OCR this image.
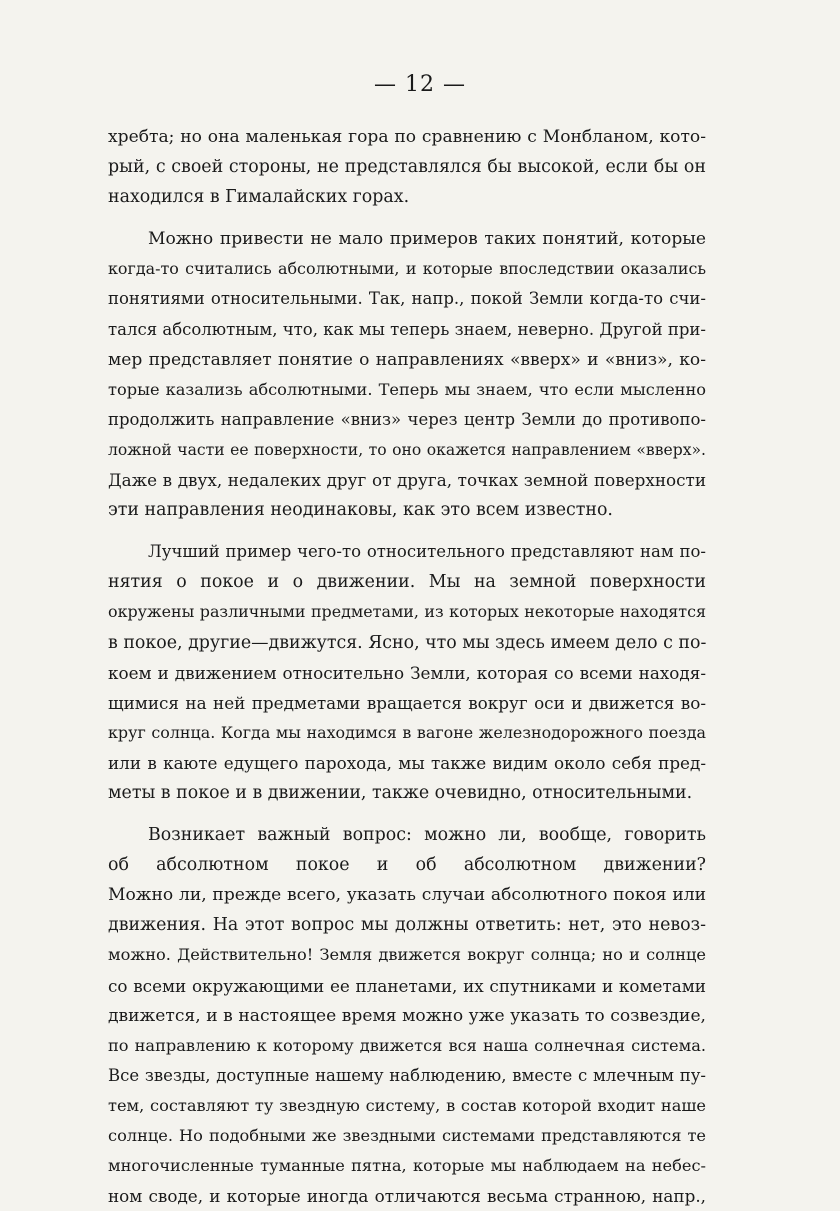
— 12 —
хребта; но она маленькая гора по сравнению с Монбланом, кото-
рый, с своей стороны, не представлялся бы высокой, если бы он
находился в Гималайских горах.
Можно привести не мало примеров таких понятий, которые
когда-то считались абсолютными, и которые впоследствии оказались
понятиями относительными. Так, напр., покой Земли когда-то счи-
тался абсолютным, что, как мы теперь знаем, неверно. Другой при-
мер представляет понятие о направлениях «вверх» и «вниз», ко-
торые казализь абсолютными. Теперь мы знаем, что если мысленно
продолжить направление «вниз» через центр Земли до противопо-
ложной части ее поверхности, то оно окажется направлением «вверх».
Даже в двух, недалеких друг от друга, точках земной поверхности
эти направления неодинаковы, как это всем известно.
Лучший пример чего-то относительного представляют нам по-
нятия о покое и о движении. Мы на земной поверхности
окружены различными предметами, из которых некоторые находятся
в покое, другие—движутся. Ясно, что мы здесь имеем дело с по-
коем и движением относительно Земли, которая со всеми находя-
щимися на ней предметами вращается вокруг оси и движется во-
круг солнца. Когда мы находимся в вагоне железнодорожного поезда
или в каюте едущего парохода, мы также видим около себя пред-
меты в покое и в движении, также очевидно, относительными.
Возникает важный вопрос: можно ли, вообще, говорить
об абсолютном покое и об абсолютном движении?
Можно ли, прежде всего, указать случаи абсолютного покоя или
движения. На этот вопрос мы должны ответить: нет, это невоз-
можно. Действительно! Земля движется вокруг солнца; но и солнце
со всеми окружающими ее планетами, их спутниками и кометами
движется, и в настоящее время можно уже указать то созвездие,
по направлению к которому движется вся наша солнечная система.
Все звезды, доступные нашему наблюдению, вместе с млечным пу-
тем, составляют ту звездную систему, в состав которой входит наше
солнце. Но подобными же звездными системами представляются те
многочисленные туманные пятна, которые мы наблюдаем на небес-
ном своде, и которые иногда отличаются весьма странною, напр.,
